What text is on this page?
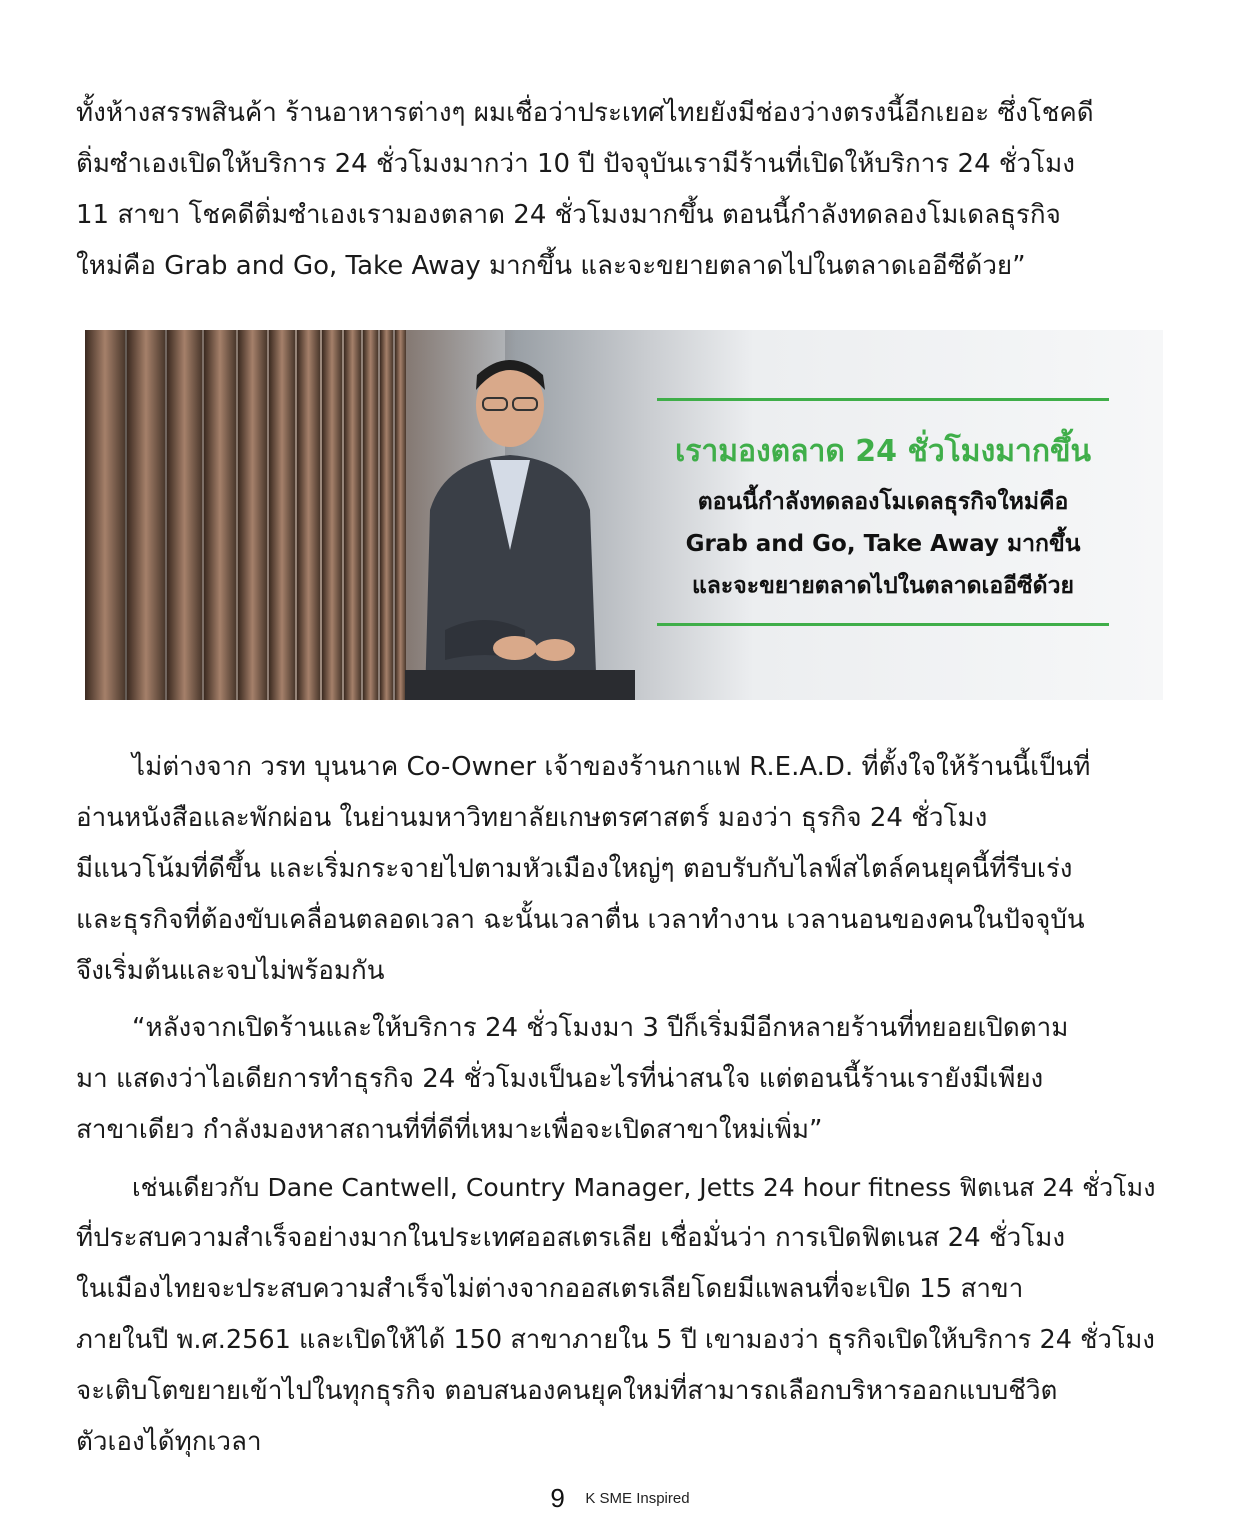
ทั้งห้างสรรพสินค้า ร้านอาหารต่างๆ ผมเชื่อว่าประเทศไทยยังมีช่องว่างตรงนี้อีกเยอะ ซึ่งโชคดี
ติ่มซำเองเปิดให้บริการ 24 ชั่วโมงมากว่า 10 ปี ปัจจุบันเรามีร้านที่เปิดให้บริการ 24 ชั่วโมง
11 สาขา โชคดีติ่มซำเองเรามองตลาด 24 ชั่วโมงมากขึ้น ตอนนี้กำลังทดลองโมเดลธุรกิจ
ใหม่คือ Grab and Go, Take Away มากขึ้น และจะขยายตลาดไปในตลาดเออีซีด้วย”
เรามองตลาด 24 ชั่วโมงมากขึ้น
ตอนนี้กำลังทดลองโมเดลธุรกิจใหม่คือ
Grab and Go, Take Away มากขึ้น
และจะขยายตลาดไปในตลาดเออีซีด้วย
ไม่ต่างจาก วรท บุนนาค Co-Owner เจ้าของร้านกาแฟ R.E.A.D. ที่ตั้งใจให้ร้านนี้เป็นที่
อ่านหนังสือและพักผ่อน ในย่านมหาวิทยาลัยเกษตรศาสตร์ มองว่า ธุรกิจ 24 ชั่วโมง
มีแนวโน้มที่ดีขึ้น และเริ่มกระจายไปตามหัวเมืองใหญ่ๆ ตอบรับกับไลฟ์สไตล์คนยุคนี้ที่รีบเร่ง
และธุรกิจที่ต้องขับเคลื่อนตลอดเวลา ฉะนั้นเวลาตื่น เวลาทำงาน เวลานอนของคนในปัจจุบัน
จึงเริ่มต้นและจบไม่พร้อมกัน
“หลังจากเปิดร้านและให้บริการ 24 ชั่วโมงมา 3 ปีก็เริ่มมีอีกหลายร้านที่ทยอยเปิดตาม
มา แสดงว่าไอเดียการทำธุรกิจ 24 ชั่วโมงเป็นอะไรที่น่าสนใจ แต่ตอนนี้ร้านเรายังมีเพียง
สาขาเดียว กำลังมองหาสถานที่ที่ดีที่เหมาะเพื่อจะเปิดสาขาใหม่เพิ่ม”
เช่นเดียวกับ Dane Cantwell, Country Manager, Jetts 24 hour fitness ฟิตเนส 24 ชั่วโมง
ที่ประสบความสำเร็จอย่างมากในประเทศออสเตรเลีย เชื่อมั่นว่า การเปิดฟิตเนส 24 ชั่วโมง
ในเมืองไทยจะประสบความสำเร็จไม่ต่างจากออสเตรเลียโดยมีแพลนที่จะเปิด 15 สาขา
ภายในปี พ.ศ.2561 และเปิดให้ได้ 150 สาขาภายใน 5 ปี เขามองว่า ธุรกิจเปิดให้บริการ 24 ชั่วโมง
จะเติบโตขยายเข้าไปในทุกธุรกิจ ตอบสนองคนยุคใหม่ที่สามารถเลือกบริหารออกแบบชีวิต
ตัวเองได้ทุกเวลา
9 K SME Inspired
